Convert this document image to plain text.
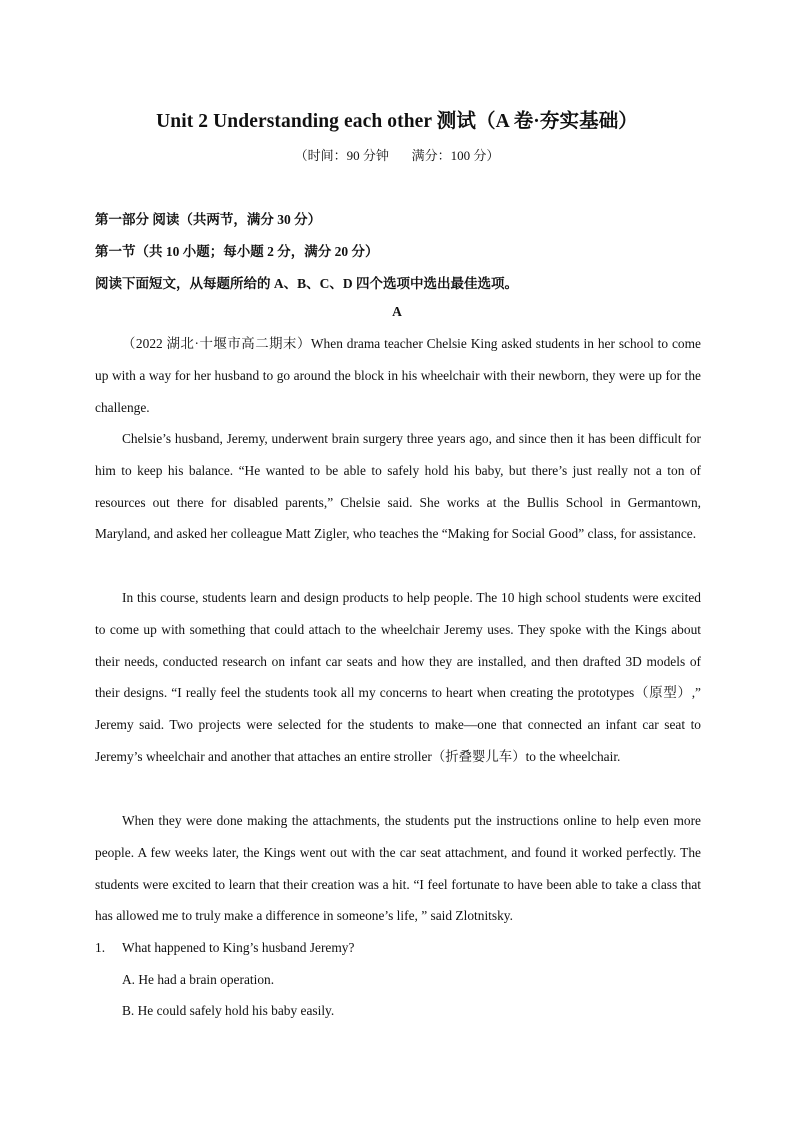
Unit 2 Understanding each other 测试（A 卷·夯实基础）
（时间：90 分钟       满分：100 分）
第一部分 阅读（共两节，满分 30 分）
第一节（共 10 小题；每小题 2 分，满分 20 分）
阅读下面短文，从每题所给的 A、B、C、D 四个选项中选出最佳选项。
A

（2022 湖北·十堰市高二期末）When drama teacher Chelsie King asked students in her school to come up with a way for her husband to go around the block in his wheelchair with their newborn, they were up for the challenge.

Chelsie’s husband, Jeremy, underwent brain surgery three years ago, and since then it has been difficult for him to keep his balance. “He wanted to be able to safely hold his baby, but there’s just really not a ton of resources out there for disabled parents,” Chelsie said. She works at the Bullis School in Germantown, Maryland, and asked her colleague Matt Zigler, who teaches the “Making for Social Good” class, for assistance.

In this course, students learn and design products to help people. The 10 high school students were excited to come up with something that could attach to the wheelchair Jeremy uses. They spoke with the Kings about their needs, conducted research on infant car seats and how they are installed, and then drafted 3D models of their designs. “I really feel the students took all my concerns to heart when creating the prototypes（原型）,” Jeremy said. Two projects were selected for the students to make—one that connected an infant car seat to Jeremy’s wheelchair and another that attaches an entire stroller（折叠婴儿车）to the wheelchair.

When they were done making the attachments, the students put the instructions online to help even more people. A few weeks later, the Kings went out with the car seat attachment, and found it worked perfectly. The students were excited to learn that their creation was a hit. “I feel fortunate to have been able to take a class that has allowed me to truly make a difference in someone’s life, ” said Zlotnitsky.

1. What happened to King’s husband Jeremy?
A. He had a brain operation.
B. He could safely hold his baby easily.
